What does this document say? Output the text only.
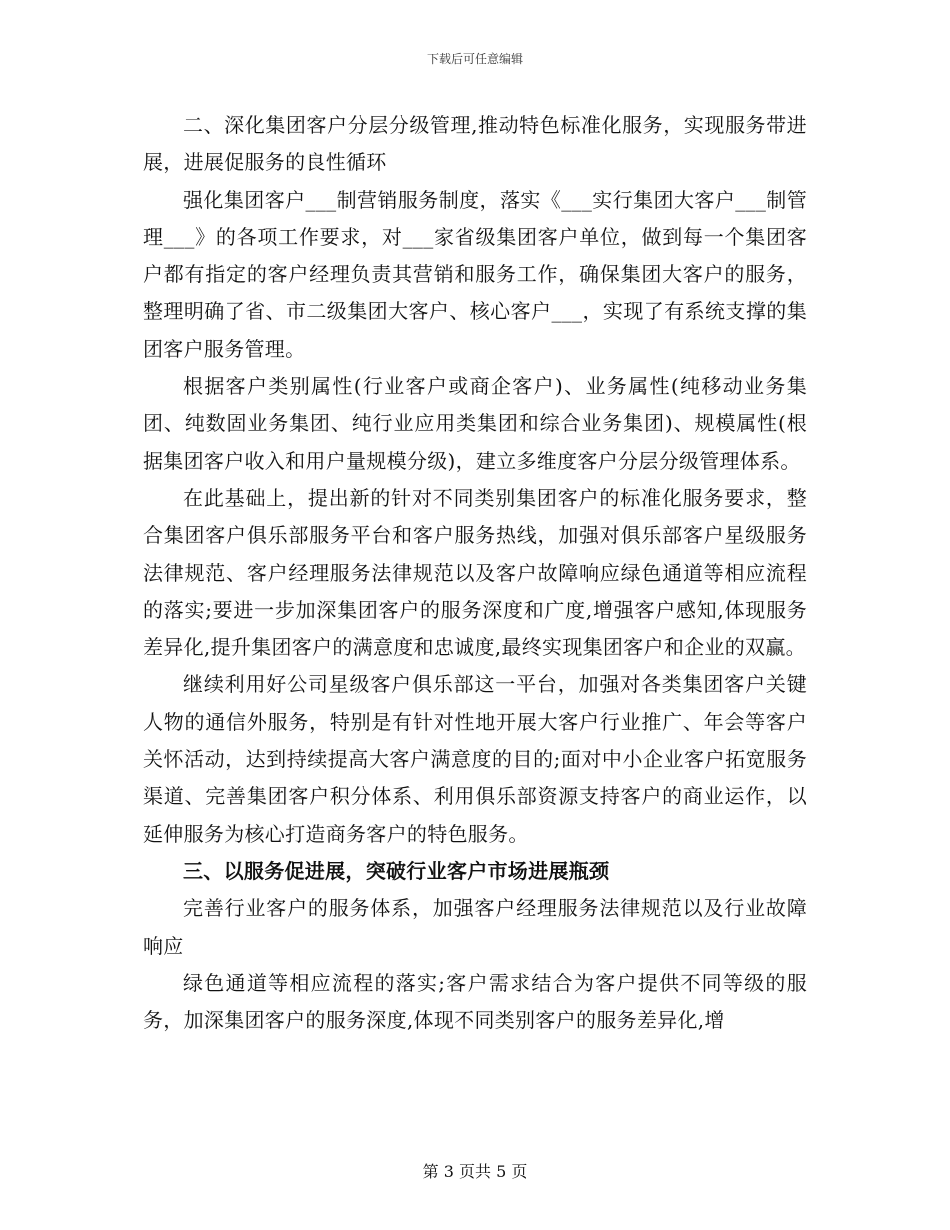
下载后可任意编辑

二、深化集团客户分层分级管理,推动特色标准化服务，实现服务带进展，进展促服务的良性循环

强化集团客户___制营销服务制度，落实《___实行集团大客户___制管理___》的各项工作要求，对___家省级集团客户单位，做到每一个集团客户都有指定的客户经理负责其营销和服务工作，确保集团大客户的服务，整理明确了省、市二级集团大客户、核心客户___，实现了有系统支撑的集团客户服务管理。

根据客户类别属性(行业客户或商企客户)、业务属性(纯移动业务集团、纯数固业务集团、纯行业应用类集团和综合业务集团)、规模属性(根据集团客户收入和用户量规模分级)，建立多维度客户分层分级管理体系。

在此基础上，提出新的针对不同类别集团客户的标准化服务要求，整合集团客户俱乐部服务平台和客户服务热线，加强对俱乐部客户星级服务法律规范、客户经理服务法律规范以及客户故障响应绿色通道等相应流程的落实;要进一步加深集团客户的服务深度和广度,增强客户感知,体现服务差异化,提升集团客户的满意度和忠诚度,最终实现集团客户和企业的双赢。

继续利用好公司星级客户俱乐部这一平台，加强对各类集团客户关键人物的通信外服务，特别是有针对性地开展大客户行业推广、年会等客户关怀活动，达到持续提高大客户满意度的目的;面对中小企业客户拓宽服务渠道、完善集团客户积分体系、利用俱乐部资源支持客户的商业运作，以延伸服务为核心打造商务客户的特色服务。

三、以服务促进展，突破行业客户市场进展瓶颈

完善行业客户的服务体系，加强客户经理服务法律规范以及行业故障响应

绿色通道等相应流程的落实;客户需求结合为客户提供不同等级的服务，加深集团客户的服务深度,体现不同类别客户的服务差异化,增

第 3 页共 5 页
